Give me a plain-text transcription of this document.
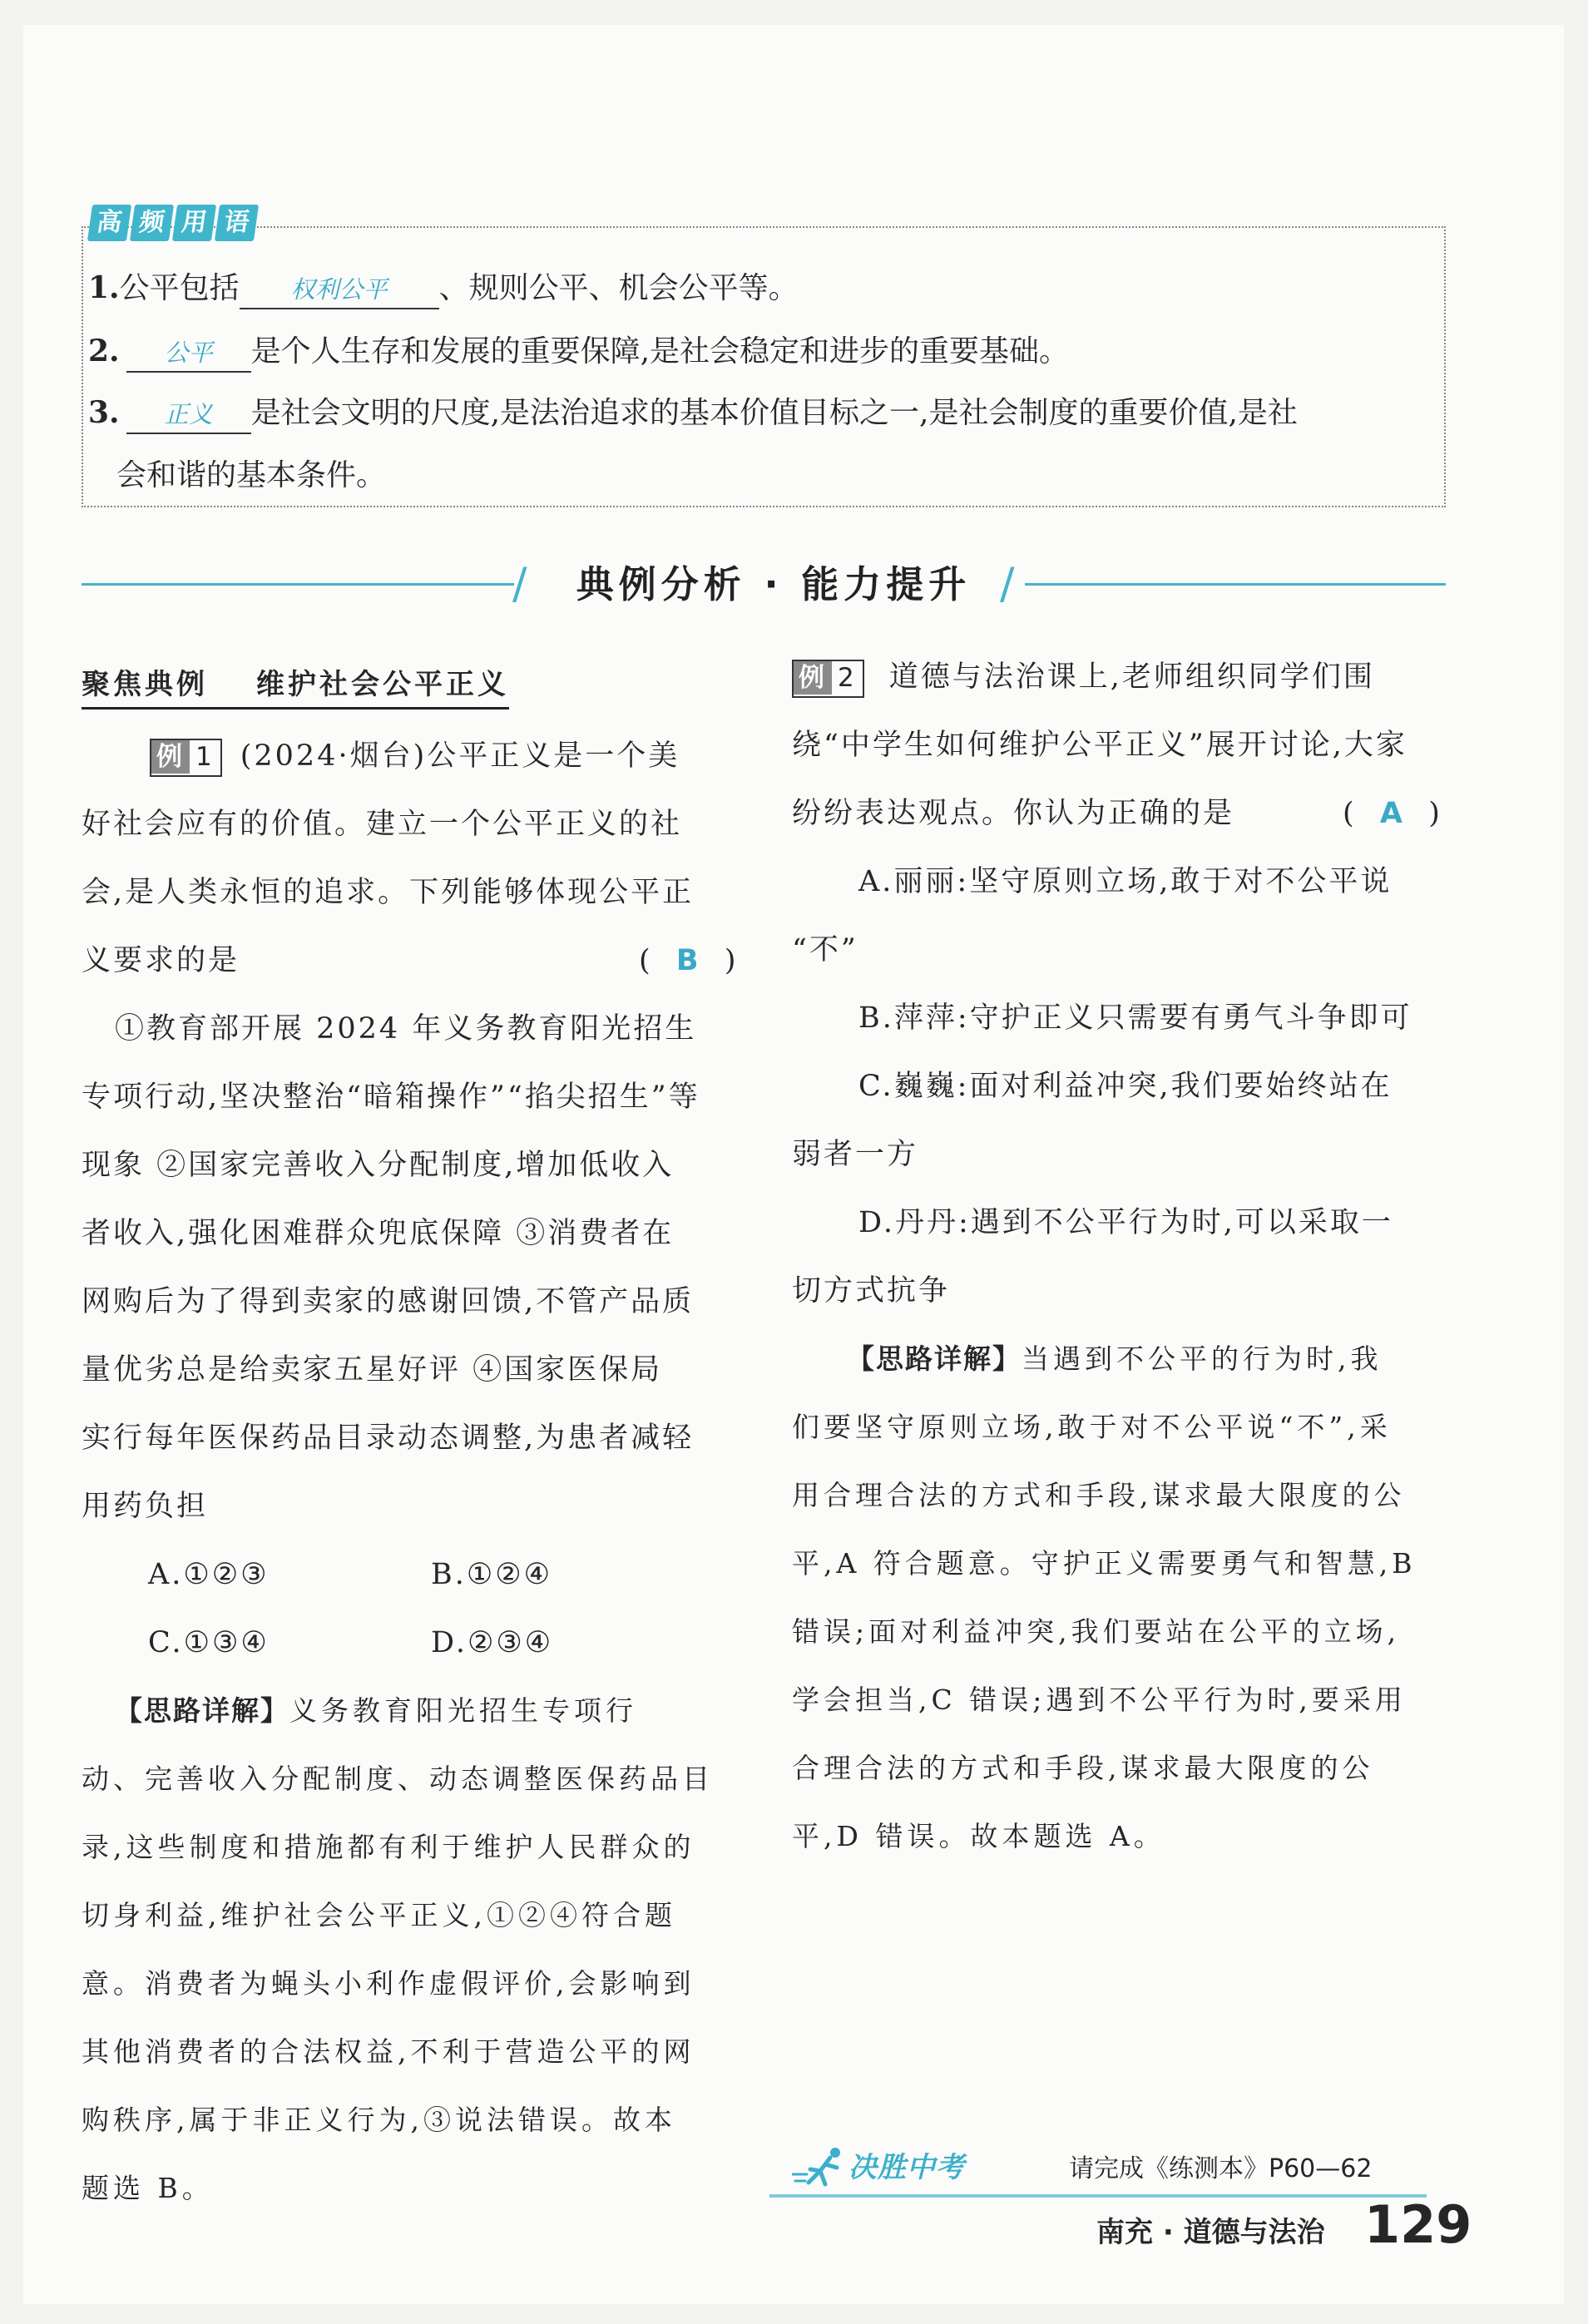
高 频 用 语
1.公平包括 权利公平 、规则公平、机会公平等。
2. 公平 是个人生存和发展的重要保障,是社会稳定和进步的重要基础。
3. 正义 是社会文明的尺度,是法治追求的基本价值目标之一,是社会制度的重要价值,是社
会和谐的基本条件。
/	典例分析 · 能力提升 /
聚焦典例 维护社会公平正义
例 1 (2024·烟台)公平正义是一个美
好社会应有的价值。建立一个公平正义的社
会,是人类永恒的追求。下列能够体现公平正
义要求的是	(  B  )
①教育部开展 2024 年义务教育阳光招生
专项行动,坚决整治“暗箱操作”“掐尖招生”等
现象 ②国家完善收入分配制度,增加低收入
者收入,强化困难群众兜底保障 ③消费者在
网购后为了得到卖家的感谢回馈,不管产品质
量优劣总是给卖家五星好评 ④国家医保局
实行每年医保药品目录动态调整,为患者减轻
用药负担
A.①②③	B.①②④
C.①③④	D.②③④
【思路详解】义务教育阳光招生专项行
动、完善收入分配制度、动态调整医保药品目
录,这些制度和措施都有利于维护人民群众的
切身利益,维护社会公平正义,①②④符合题
意。消费者为蝇头小利作虚假评价,会影响到
其他消费者的合法权益,不利于营造公平的网
购秩序,属于非正义行为,③说法错误。故本
题选 B。
例 2 道德与法治课上,老师组织同学们围
绕“中学生如何维护公平正义”展开讨论,大家
纷纷表达观点。你认为正确的是	(  A  )
A.丽丽:坚守原则立场,敢于对不公平说
“不”
B.萍萍:守护正义只需要有勇气斗争即可
C.巍巍:面对利益冲突,我们要始终站在
弱者一方
D.丹丹:遇到不公平行为时,可以采取一
切方式抗争
【思路详解】当遇到不公平的行为时,我
们要坚守原则立场,敢于对不公平说“不”,采
用合理合法的方式和手段,谋求最大限度的公
平,A 符合题意。守护正义需要勇气和智慧,B
错误;面对利益冲突,我们要站在公平的立场,
学会担当,C 错误;遇到不公平行为时,要采用
合理合法的方式和手段,谋求最大限度的公
平,D 错误。故本题选 A。
决胜中考	请完成《练测本》P60—62
南充 · 道德与法治 129
